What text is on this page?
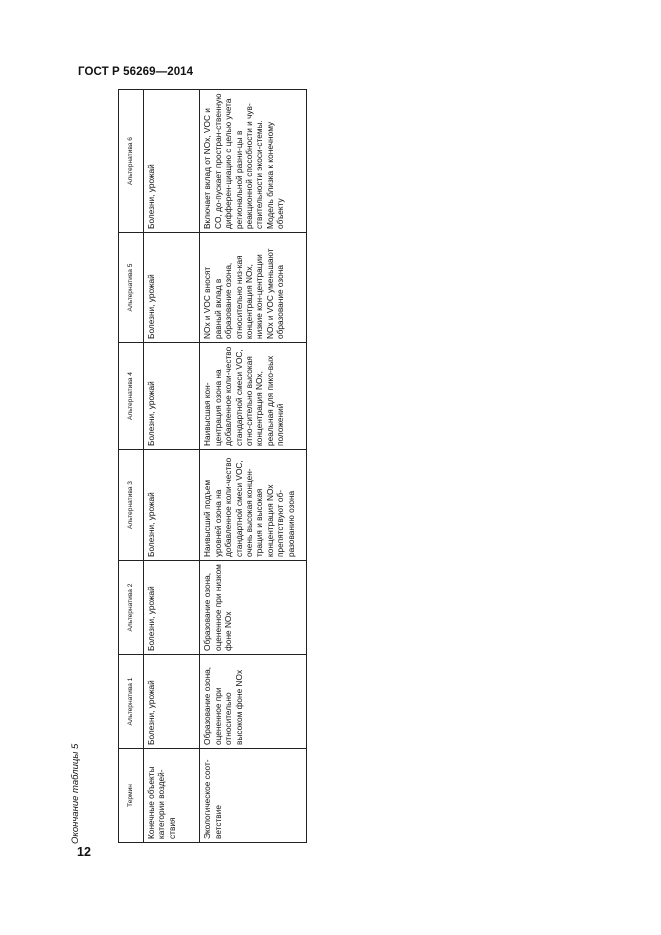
ГОСТ Р 56269—2014
12
Окончание таблицы 5	Термин	Альтернатива 1	Альтернатива 2	Альтернатива 3	Альтернатива 4	Альтернатива 5	Альтернатива 6
Конечные объекты категории воздей-ствия	Болезни, урожай	Болезни, урожай	Болезни, урожай	Болезни, урожай	Болезни, урожай	Болезни, урожай
Экологическое соот-ветствие	Образование озона, оцененное при относительно высоком фоне NOx	Образование озона, оцененное при низком фоне NOx	Наивысший подъем уровней озона на добавленное коли-чество стандартной смеси VOC, очень высокая концен-трация и высокая концентрация NOx препятствуют об-разованию озона	Наивысшая кон-центрация озона на добавленное коли-чество стандартной смеси VOC, отно-сительно высокая концентрация NOx, реальная для пико-вых положений	NOx и VOC вносят равный вклад в образование озона, относительно низ-кая концентрация NOx, низкие кон-центрации NOx и VOC уменьшают образование озона	Включает вклад от NOx, VOC и CO, до-пускает простран-ственную дифферен-циацию с целью учета региональной разни-цы в реакционной способности и чув-ствительности экоси-стемы. Модель близка к конечному объекту
